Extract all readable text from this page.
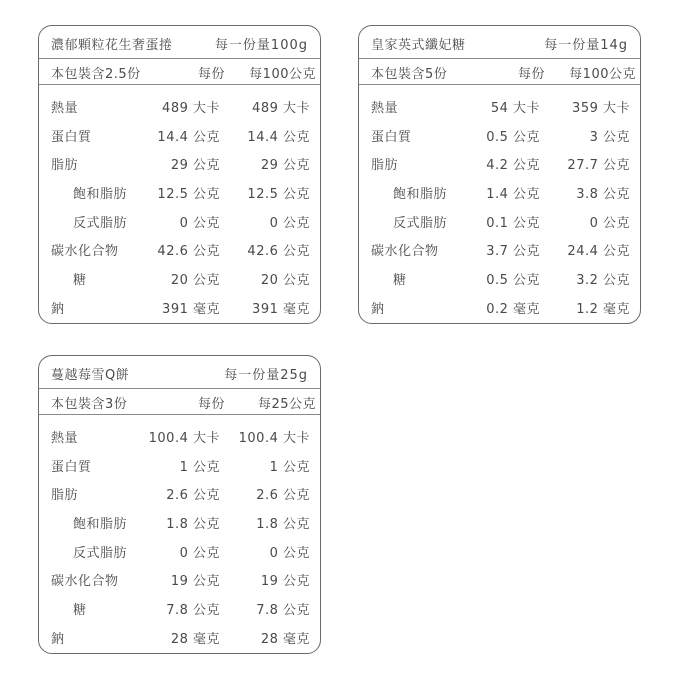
濃郁顆粒花生奢蛋捲	每一份量100g
本包裝含2.5份	每份 每100公克
熱量	489 大卡 489 大卡
蛋白質	14.4 公克 14.4 公克
脂肪	29 公克	29 公克
飽和脂肪 12.5 公克 12.5 公克
反式脂肪	0 公克	0 公克
碳水化合物	42.6 公克 42.6 公克
糖	20 公克	20 公克
鈉	391 毫克 391 毫克
皇家英式纖妃糖	每一份量14g
本包裝含5份	每份 每100公克
熱量	54 大卡 359 大卡
蛋白質	0.5 公克	3 公克
脂肪	4.2 公克 27.7 公克
飽和脂肪	1.4 公克	3.8 公克
反式脂肪	0.1 公克	0 公克
碳水化合物	3.7 公克 24.4 公克
糖	0.5 公克	3.2 公克
鈉	0.2 毫克	1.2 毫克
蔓越莓雪Q餅	每一份量25g
本包裝含3份	每份	每25公克
熱量	100.4 大卡 100.4 大卡
蛋白質	1 公克	1 公克
脂肪	2.6 公克	2.6 公克
飽和脂肪	1.8 公克	1.8 公克
反式脂肪	0 公克	0 公克
碳水化合物	19 公克	19 公克
糖	7.8 公克	7.8 公克
鈉	28 毫克	28 毫克
